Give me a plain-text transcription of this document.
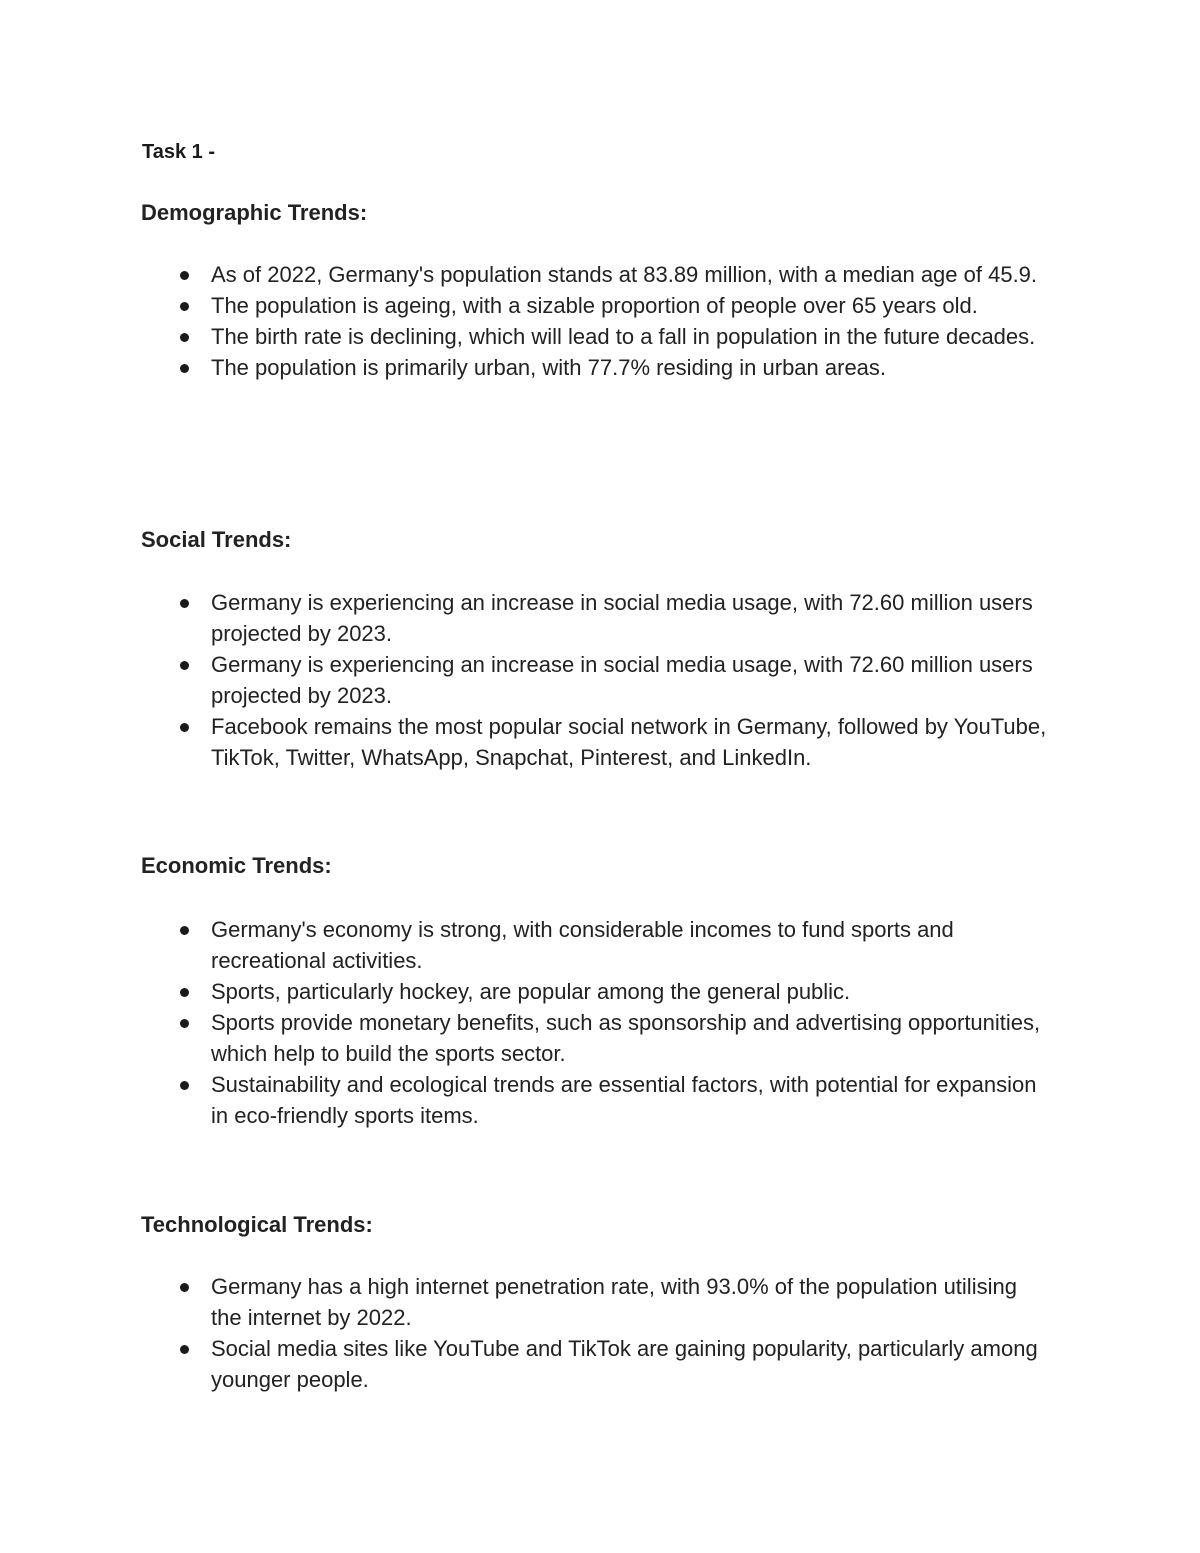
Task 1 -
Demographic Trends:
As of 2022, Germany's population stands at 83.89 million, with a median age of 45.9.
The population is ageing, with a sizable proportion of people over 65 years old.
The birth rate is declining, which will lead to a fall in population in the future decades.
The population is primarily urban, with 77.7% residing in urban areas.
Social Trends:
Germany is experiencing an increase in social media usage, with 72.60 million users projected by 2023.
Germany is experiencing an increase in social media usage, with 72.60 million users projected by 2023.
Facebook remains the most popular social network in Germany, followed by YouTube, TikTok, Twitter, WhatsApp, Snapchat, Pinterest, and LinkedIn.
Economic Trends:
Germany's economy is strong, with considerable incomes to fund sports and recreational activities.
Sports, particularly hockey, are popular among the general public.
Sports provide monetary benefits, such as sponsorship and advertising opportunities, which help to build the sports sector.
Sustainability and ecological trends are essential factors, with potential for expansion in eco-friendly sports items.
Technological Trends:
Germany has a high internet penetration rate, with 93.0% of the population utilising the internet by 2022.
Social media sites like YouTube and TikTok are gaining popularity, particularly among younger people.
